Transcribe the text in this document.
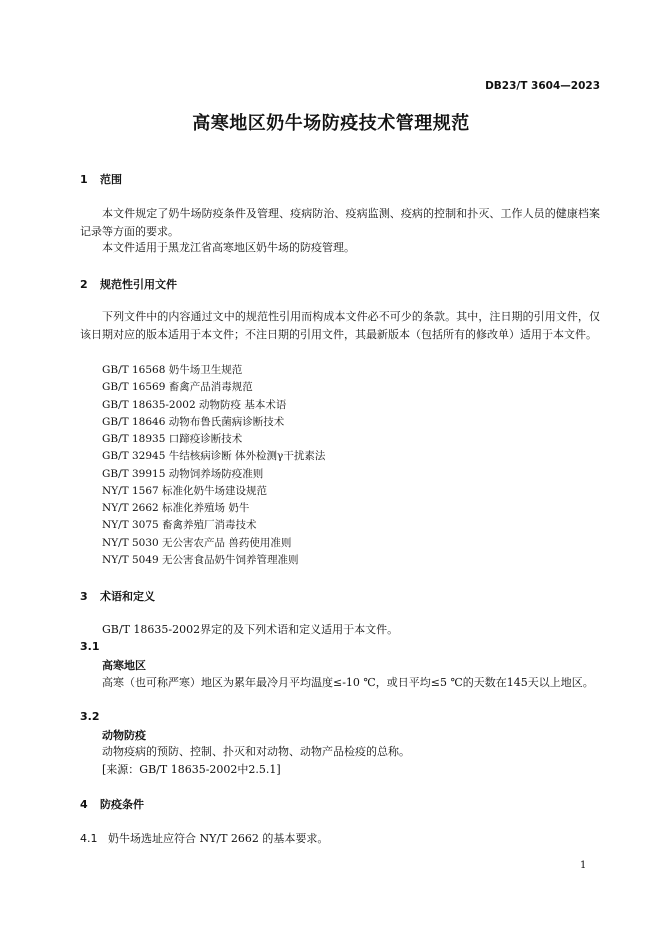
DB23/T 3604—2023
高寒地区奶牛场防疫技术管理规范
1 范围
本文件规定了奶牛场防疫条件及管理、疫病防治、疫病监测、疫病的控制和扑灭、工作人员的健康档案记录等方面的要求。
本文件适用于黑龙江省高寒地区奶牛场的防疫管理。
2 规范性引用文件
下列文件中的内容通过文中的规范性引用而构成本文件必不可少的条款。其中，注日期的引用文件，仅该日期对应的版本适用于本文件；不注日期的引用文件，其最新版本（包括所有的修改单）适用于本文件。
GB/T 16568 奶牛场卫生规范
GB/T 16569 畜禽产品消毒规范
GB/T 18635-2002 动物防疫 基本术语
GB/T 18646 动物布鲁氏菌病诊断技术
GB/T 18935 口蹄疫诊断技术
GB/T 32945 牛结核病诊断 体外检测γ干扰素法
GB/T 39915 动物饲养场防疫准则
NY/T 1567 标准化奶牛场建设规范
NY/T 2662 标准化养殖场 奶牛
NY/T 3075 畜禽养殖厂消毒技术
NY/T 5030 无公害农产品 兽药使用准则
NY/T 5049 无公害食品奶牛饲养管理准则
3 术语和定义
GB/T 18635-2002界定的及下列术语和定义适用于本文件。
3.1
高寒地区
高寒（也可称严寒）地区为累年最冷月平均温度≤-10 ℃，或日平均≤5 ℃的天数在145天以上地区。
3.2
动物防疫
动物疫病的预防、控制、扑灭和对动物、动物产品检疫的总称。
[来源：GB/T 18635-2002中2.5.1]
4 防疫条件
4.1 奶牛场选址应符合 NY/T 2662 的基本要求。
1
